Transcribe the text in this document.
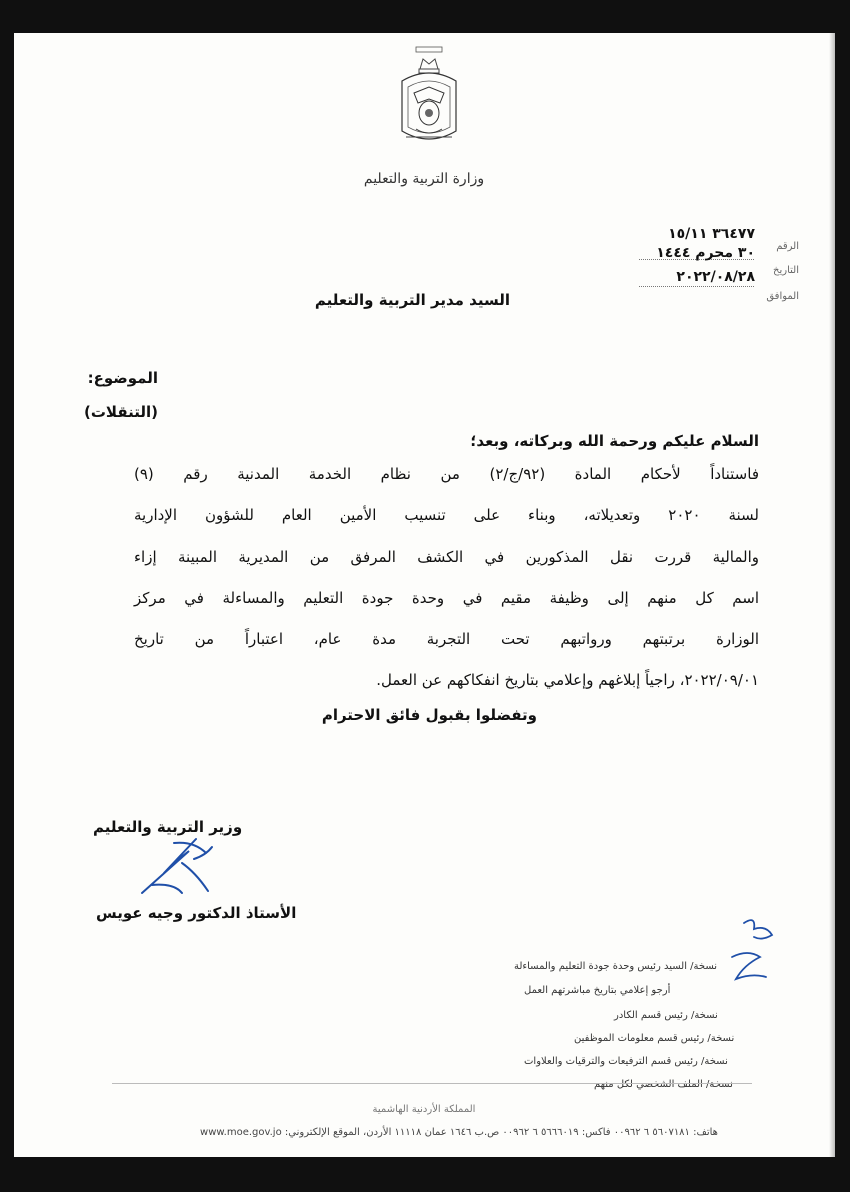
وزارة التربية والتعليم
الرقم
٣٦٤٧٧ ١٥/١١
٣٠ محرم ١٤٤٤
التاريخ
٢٠٢٢/٠٨/٢٨
الموافق
السيد مدير التربية والتعليم
الموضوع:
(التنقلات)
السلام عليكم ورحمة الله وبركاته، وبعد؛
فاستناداً لأحكام المادة (٩٢/ج/٢) من نظام الخدمة المدنية رقم (٩)
لسنة ٢٠٢٠ وتعديلاته، وبناء على تنسيب الأمين العام للشؤون الإدارية
والمالية قررت نقل المذكورين في الكشف المرفق من المديرية المبينة إزاء
اسم كل منهم إلى وظيفة مقيم في وحدة جودة التعليم والمساءلة في مركز
الوزارة برتبتهم ورواتبهم تحت التجربة مدة عام، اعتباراً من تاريخ
٢٠٢٢/٠٩/٠١، راجياً إبلاغهم وإعلامي بتاريخ انفكاكهم عن العمل.
وتفضلوا بقبول فائق الاحترام
وزير التربية والتعليم
الأستاذ الدكتور وجيه عويس
نسخة/ السيد رئيس وحدة جودة التعليم والمساءلة
أرجو إعلامي بتاريخ مباشرتهم العمل
نسخة/ رئيس قسم الكادر
نسخة/ رئيس قسم معلومات الموظفين
نسخة/ رئيس قسم الترفيعات والترقيات والعلاوات
نسخة/ الملف الشخصي لكل منهم
المملكة الأردنية الهاشمية
هاتف: ٥٦٠٧١٨١ ٦ ٠٠٩٦٢ فاكس: ٥٦٦٦٠١٩ ٦ ٠٠٩٦٢ ص.ب ١٦٤٦ عمان ١١١١٨ الأردن، الموقع الإلكتروني: www.moe.gov.jo
